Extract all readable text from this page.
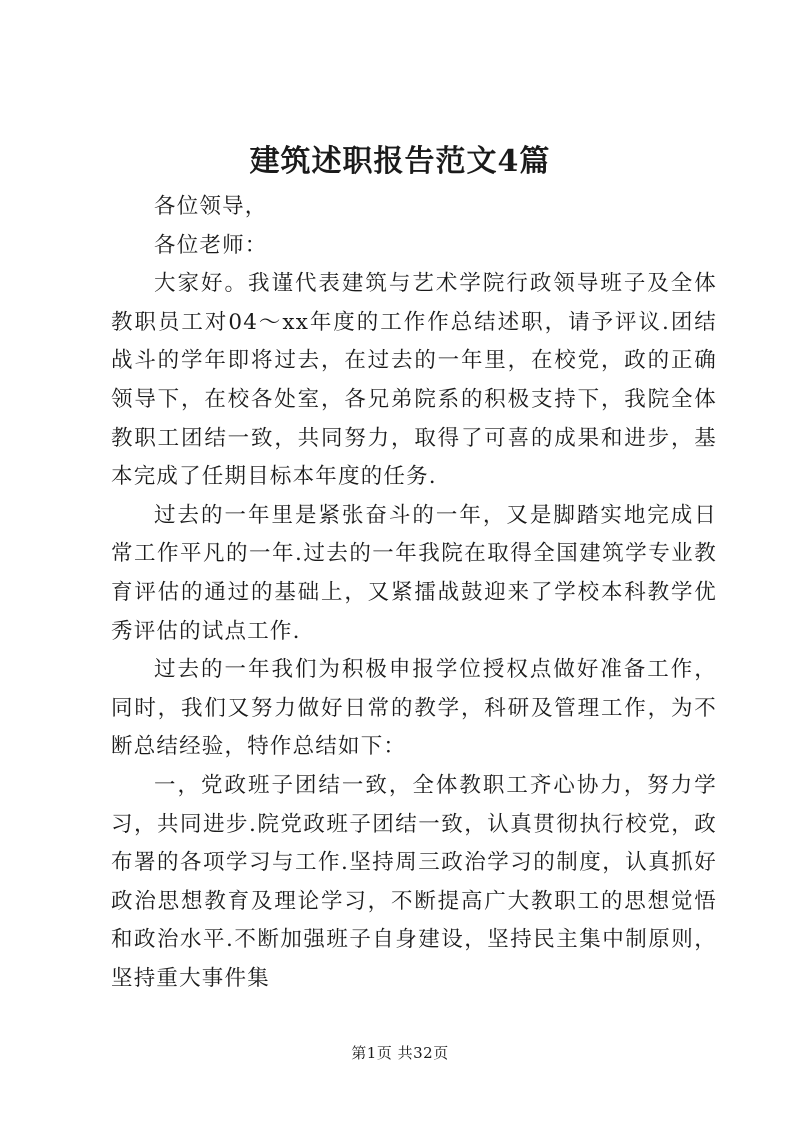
建筑述职报告范文4篇

各位领导，

各位老师：

大家好。我谨代表建筑与艺术学院行政领导班子及全体教职员工对04～xx年度的工作作总结述职，请予评议.团结战斗的学年即将过去，在过去的一年里，在校党，政的正确领导下，在校各处室，各兄弟院系的积极支持下，我院全体教职工团结一致，共同努力，取得了可喜的成果和进步，基本完成了任期目标本年度的任务.

过去的一年里是紧张奋斗的一年，又是脚踏实地完成日常工作平凡的一年.过去的一年我院在取得全国建筑学专业教育评估的通过的基础上，又紧擂战鼓迎来了学校本科教学优秀评估的试点工作.

过去的一年我们为积极申报学位授权点做好准备工作，同时，我们又努力做好日常的教学，科研及管理工作，为不断总结经验，特作总结如下：

一，党政班子团结一致，全体教职工齐心协力，努力学习，共同进步.院党政班子团结一致，认真贯彻执行校党，政布署的各项学习与工作.坚持周三政治学习的制度，认真抓好政治思想教育及理论学习，不断提高广大教职工的思想觉悟和政治水平.不断加强班子自身建设，坚持民主集中制原则，坚持重大事件集

第1页 共32页
